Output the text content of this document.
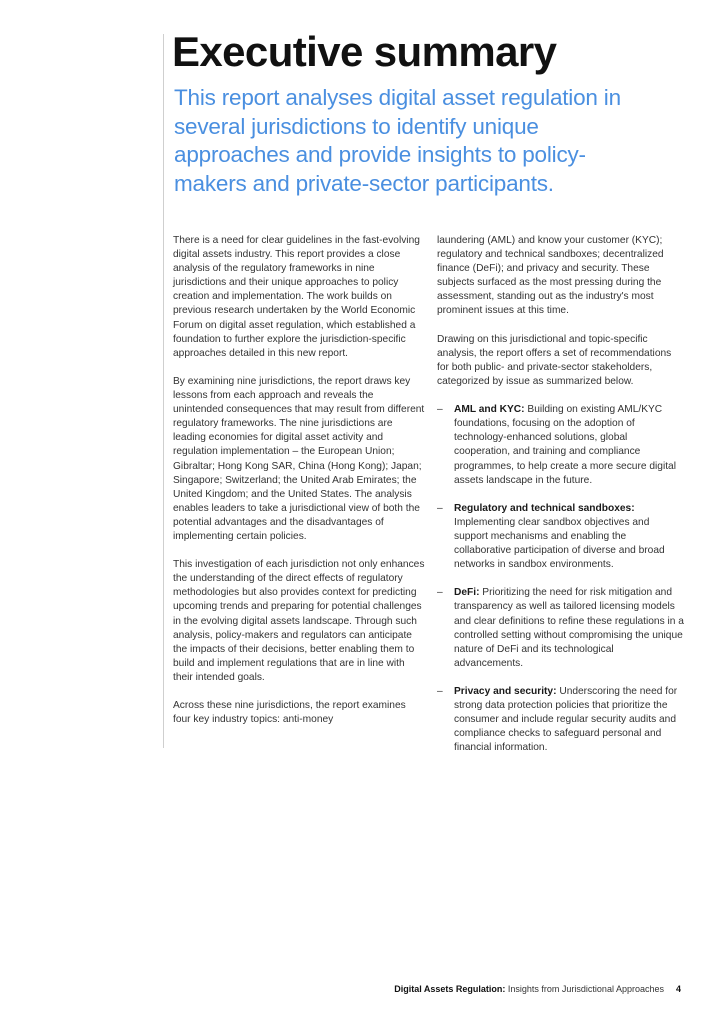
Executive summary

This report analyses digital asset regulation in several jurisdictions to identify unique approaches and provide insights to policy-makers and private-sector participants.

There is a need for clear guidelines in the fast-evolving digital assets industry. This report provides a close analysis of the regulatory frameworks in nine jurisdictions and their unique approaches to policy creation and implementation. The work builds on previous research undertaken by the World Economic Forum on digital asset regulation, which established a foundation to further explore the jurisdiction-specific approaches detailed in this new report.

By examining nine jurisdictions, the report draws key lessons from each approach and reveals the unintended consequences that may result from different regulatory frameworks. The nine jurisdictions are leading economies for digital asset activity and regulation implementation – the European Union; Gibraltar; Hong Kong SAR, China (Hong Kong); Japan; Singapore; Switzerland; the United Arab Emirates; the United Kingdom; and the United States. The analysis enables leaders to take a jurisdictional view of both the potential advantages and the disadvantages of implementing certain policies.

This investigation of each jurisdiction not only enhances the understanding of the direct effects of regulatory methodologies but also provides context for predicting upcoming trends and preparing for potential challenges in the evolving digital assets landscape. Through such analysis, policy-makers and regulators can anticipate the impacts of their decisions, better enabling them to build and implement regulations that are in line with their intended goals.

Across these nine jurisdictions, the report examines four key industry topics: anti-money

laundering (AML) and know your customer (KYC); regulatory and technical sandboxes; decentralized finance (DeFi); and privacy and security. These subjects surfaced as the most pressing during the assessment, standing out as the industry's most prominent issues at this time.

Drawing on this jurisdictional and topic-specific analysis, the report offers a set of recommendations for both public- and private-sector stakeholders, categorized by issue as summarized below.

– AML and KYC: Building on existing AML/KYC foundations, focusing on the adoption of technology-enhanced solutions, global cooperation, and training and compliance programmes, to help create a more secure digital assets landscape in the future.
– Regulatory and technical sandboxes: Implementing clear sandbox objectives and support mechanisms and enabling the collaborative participation of diverse and broad networks in sandbox environments.
– DeFi: Prioritizing the need for risk mitigation and transparency as well as tailored licensing models and clear definitions to refine these regulations in a controlled setting without compromising the unique nature of DeFi and its technological advancements.
– Privacy and security: Underscoring the need for strong data protection policies that prioritize the consumer and include regular security audits and compliance checks to safeguard personal and financial information.
Digital Assets Regulation: Insights from Jurisdictional Approaches 4
